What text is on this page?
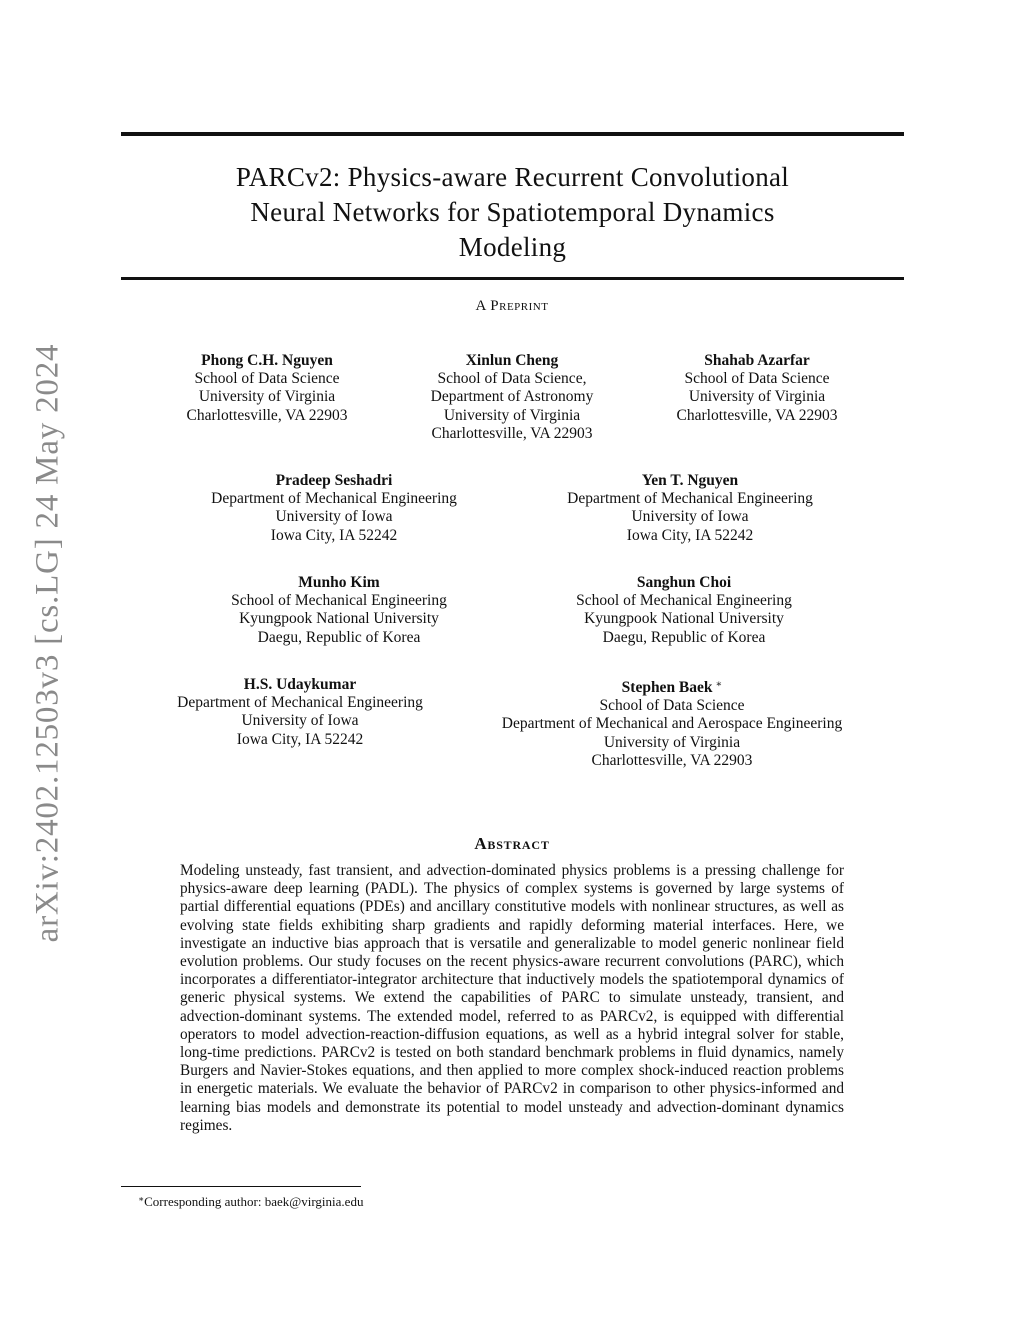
PARCv2: Physics-aware Recurrent Convolutional
Neural Networks for Spatiotemporal Dynamics
Modeling
A Preprint
arXiv:2402.12503v3 [cs.LG] 24 May 2024	Phong C.H. Nguyen
School of Data Science
University of Virginia
Charlottesville, VA 22903
Xinlun Cheng
School of Data Science,
Department of Astronomy
University of Virginia
Charlottesville, VA 22903
Shahab Azarfar
School of Data Science
University of Virginia
Charlottesville, VA 22903
Pradeep Seshadri
Department of Mechanical Engineering
University of Iowa
Iowa City, IA 52242
Yen T. Nguyen
Department of Mechanical Engineering
University of Iowa
Iowa City, IA 52242
Munho Kim
School of Mechanical Engineering
Kyungpook National University
Daegu, Republic of Korea
Sanghun Choi
School of Mechanical Engineering
Kyungpook National University
Daegu, Republic of Korea
H.S. Udaykumar
Department of Mechanical Engineering
University of Iowa
Iowa City, IA 52242
Stephen Baek ∗
School of Data Science
Department of Mechanical and Aerospace Engineering
University of Virginia
Charlottesville, VA 22903
Abstract

Modeling unsteady, fast transient, and advection-dominated physics problems is a pressing challenge for physics-aware deep learning (PADL). The physics of complex systems is governed by large systems of partial differential equations (PDEs) and ancillary constitutive models with nonlinear structures, as well as evolving state fields exhibiting sharp gradients and rapidly deforming material interfaces. Here, we investigate an inductive bias approach that is versatile and generalizable to model generic nonlinear field evolution problems. Our study focuses on the recent physics-aware recurrent convolutions (PARC), which incorporates a differentiator-integrator architecture that inductively models the spatiotemporal dynamics of generic physical systems. We extend the capabilities of PARC to simulate unsteady, transient, and advection-dominant systems. The extended model, referred to as PARCv2, is equipped with differential operators to model advection-reaction-diffusion equations, as well as a hybrid integral solver for stable, long-time predictions. PARCv2 is tested on both standard benchmark problems in fluid dynamics, namely Burgers and Navier-Stokes equations, and then applied to more complex shock-induced reaction problems in energetic materials. We evaluate the behavior of PARCv2 in comparison to other physics-informed and learning bias models and demonstrate its potential to model unsteady and advection-dominant dynamics regimes.

∗Corresponding author: baek@virginia.edu
